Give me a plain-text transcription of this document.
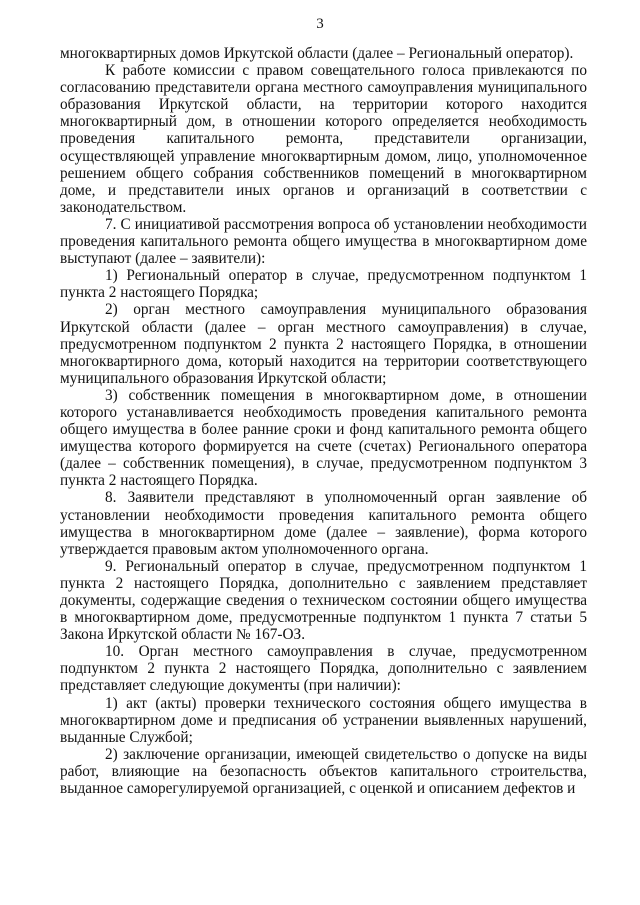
3

многоквартирных домов Иркутской области (далее – Региональный оператор).

К работе комиссии с правом совещательного голоса привлекаются по согласованию представители органа местного самоуправления муниципального образования Иркутской области, на территории которого находится многоквартирный дом, в отношении которого определяется необходимость проведения капитального ремонта, представители организации, осуществляющей управление многоквартирным домом, лицо, уполномоченное решением общего собрания собственников помещений в многоквартирном доме, и представители иных органов и организаций в соответствии с законодательством.

7. С инициативой рассмотрения вопроса об установлении необходимости проведения капитального ремонта общего имущества в многоквартирном доме выступают (далее – заявители):

1) Региональный оператор в случае, предусмотренном подпунктом 1 пункта 2 настоящего Порядка;

2) орган местного самоуправления муниципального образования Иркутской области (далее – орган местного самоуправления) в случае, предусмотренном подпунктом 2 пункта 2 настоящего Порядка, в отношении многоквартирного дома, который находится на территории соответствующего муниципального образования Иркутской области;

3) собственник помещения в многоквартирном доме, в отношении которого устанавливается необходимость проведения капитального ремонта общего имущества в более ранние сроки и фонд капитального ремонта общего имущества которого формируется на счете (счетах) Регионального оператора (далее – собственник помещения), в случае, предусмотренном подпунктом 3 пункта 2 настоящего Порядка.

8. Заявители представляют в уполномоченный орган заявление об установлении необходимости проведения капитального ремонта общего имущества в многоквартирном доме (далее – заявление), форма которого утверждается правовым актом уполномоченного органа.

9. Региональный оператор в случае, предусмотренном подпунктом 1 пункта 2 настоящего Порядка, дополнительно с заявлением представляет документы, содержащие сведения о техническом состоянии общего имущества в многоквартирном доме, предусмотренные подпунктом 1 пункта 7 статьи 5 Закона Иркутской области № 167-ОЗ.

10. Орган местного самоуправления в случае, предусмотренном подпунктом 2 пункта 2 настоящего Порядка, дополнительно с заявлением представляет следующие документы (при наличии):

1) акт (акты) проверки технического состояния общего имущества в многоквартирном доме и предписания об устранении выявленных нарушений, выданные Службой;

2) заключение организации, имеющей свидетельство о допуске на виды работ, влияющие на безопасность объектов капитального строительства, выданное саморегулируемой организацией, с оценкой и описанием дефектов и
